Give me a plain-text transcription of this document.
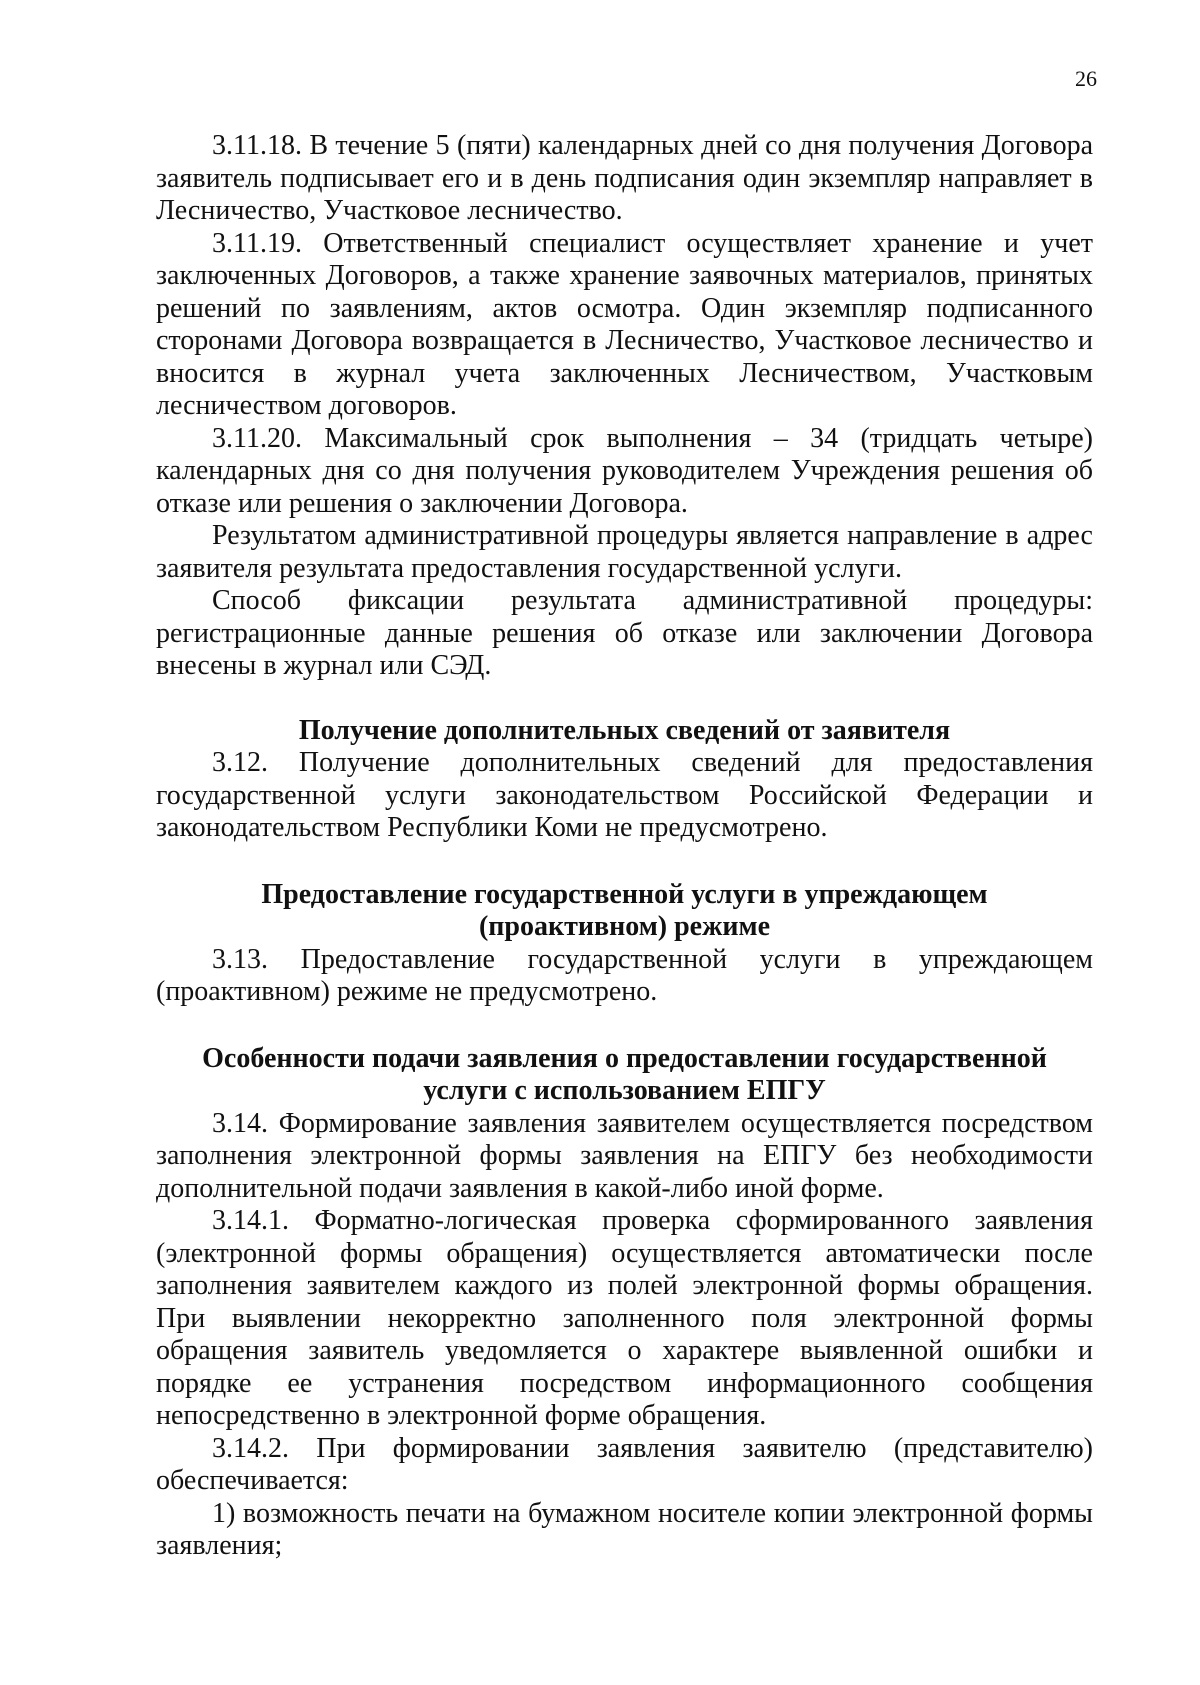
26

3.11.18. В течение 5 (пяти) календарных дней со дня получения Договора заявитель подписывает его и в день подписания один экземпляр направляет в Лесничество, Участковое лесничество.

3.11.19. Ответственный специалист осуществляет хранение и учет заключенных Договоров, а также хранение заявочных материалов, принятых решений по заявлениям, актов осмотра. Один экземпляр подписанного сторонами Договора возвращается в Лесничество, Участковое лесничество и вносится в журнал учета заключенных Лесничеством, Участковым лесничеством договоров.

3.11.20. Максимальный срок выполнения – 34 (тридцать четыре) календарных дня со дня получения руководителем Учреждения решения об отказе или решения о заключении Договора.

Результатом административной процедуры является направление в адрес заявителя результата предоставления государственной услуги.

Способ фиксации результата административной процедуры: регистрационные данные решения об отказе или заключении Договора внесены в журнал или СЭД.

Получение дополнительных сведений от заявителя

3.12. Получение дополнительных сведений для предоставления государственной услуги законодательством Российской Федерации и законодательством Республики Коми не предусмотрено.

Предоставление государственной услуги в упреждающем

(проактивном) режиме

3.13. Предоставление государственной услуги в упреждающем (проактивном) режиме не предусмотрено.

Особенности подачи заявления о предоставлении государственной

услуги с использованием ЕПГУ

3.14. Формирование заявления заявителем осуществляется посредством заполнения электронной формы заявления на ЕПГУ без необходимости дополнительной подачи заявления в какой-либо иной форме.

3.14.1. Форматно-логическая проверка сформированного заявления (электронной формы обращения) осуществляется автоматически после заполнения заявителем каждого из полей электронной формы обращения. При выявлении некорректно заполненного поля электронной формы обращения заявитель уведомляется о характере выявленной ошибки и порядке ее устранения посредством информационного сообщения непосредственно в электронной форме обращения.

3.14.2. При формировании заявления заявителю (представителю) обеспечивается:

1) возможность печати на бумажном носителе копии электронной формы заявления;
